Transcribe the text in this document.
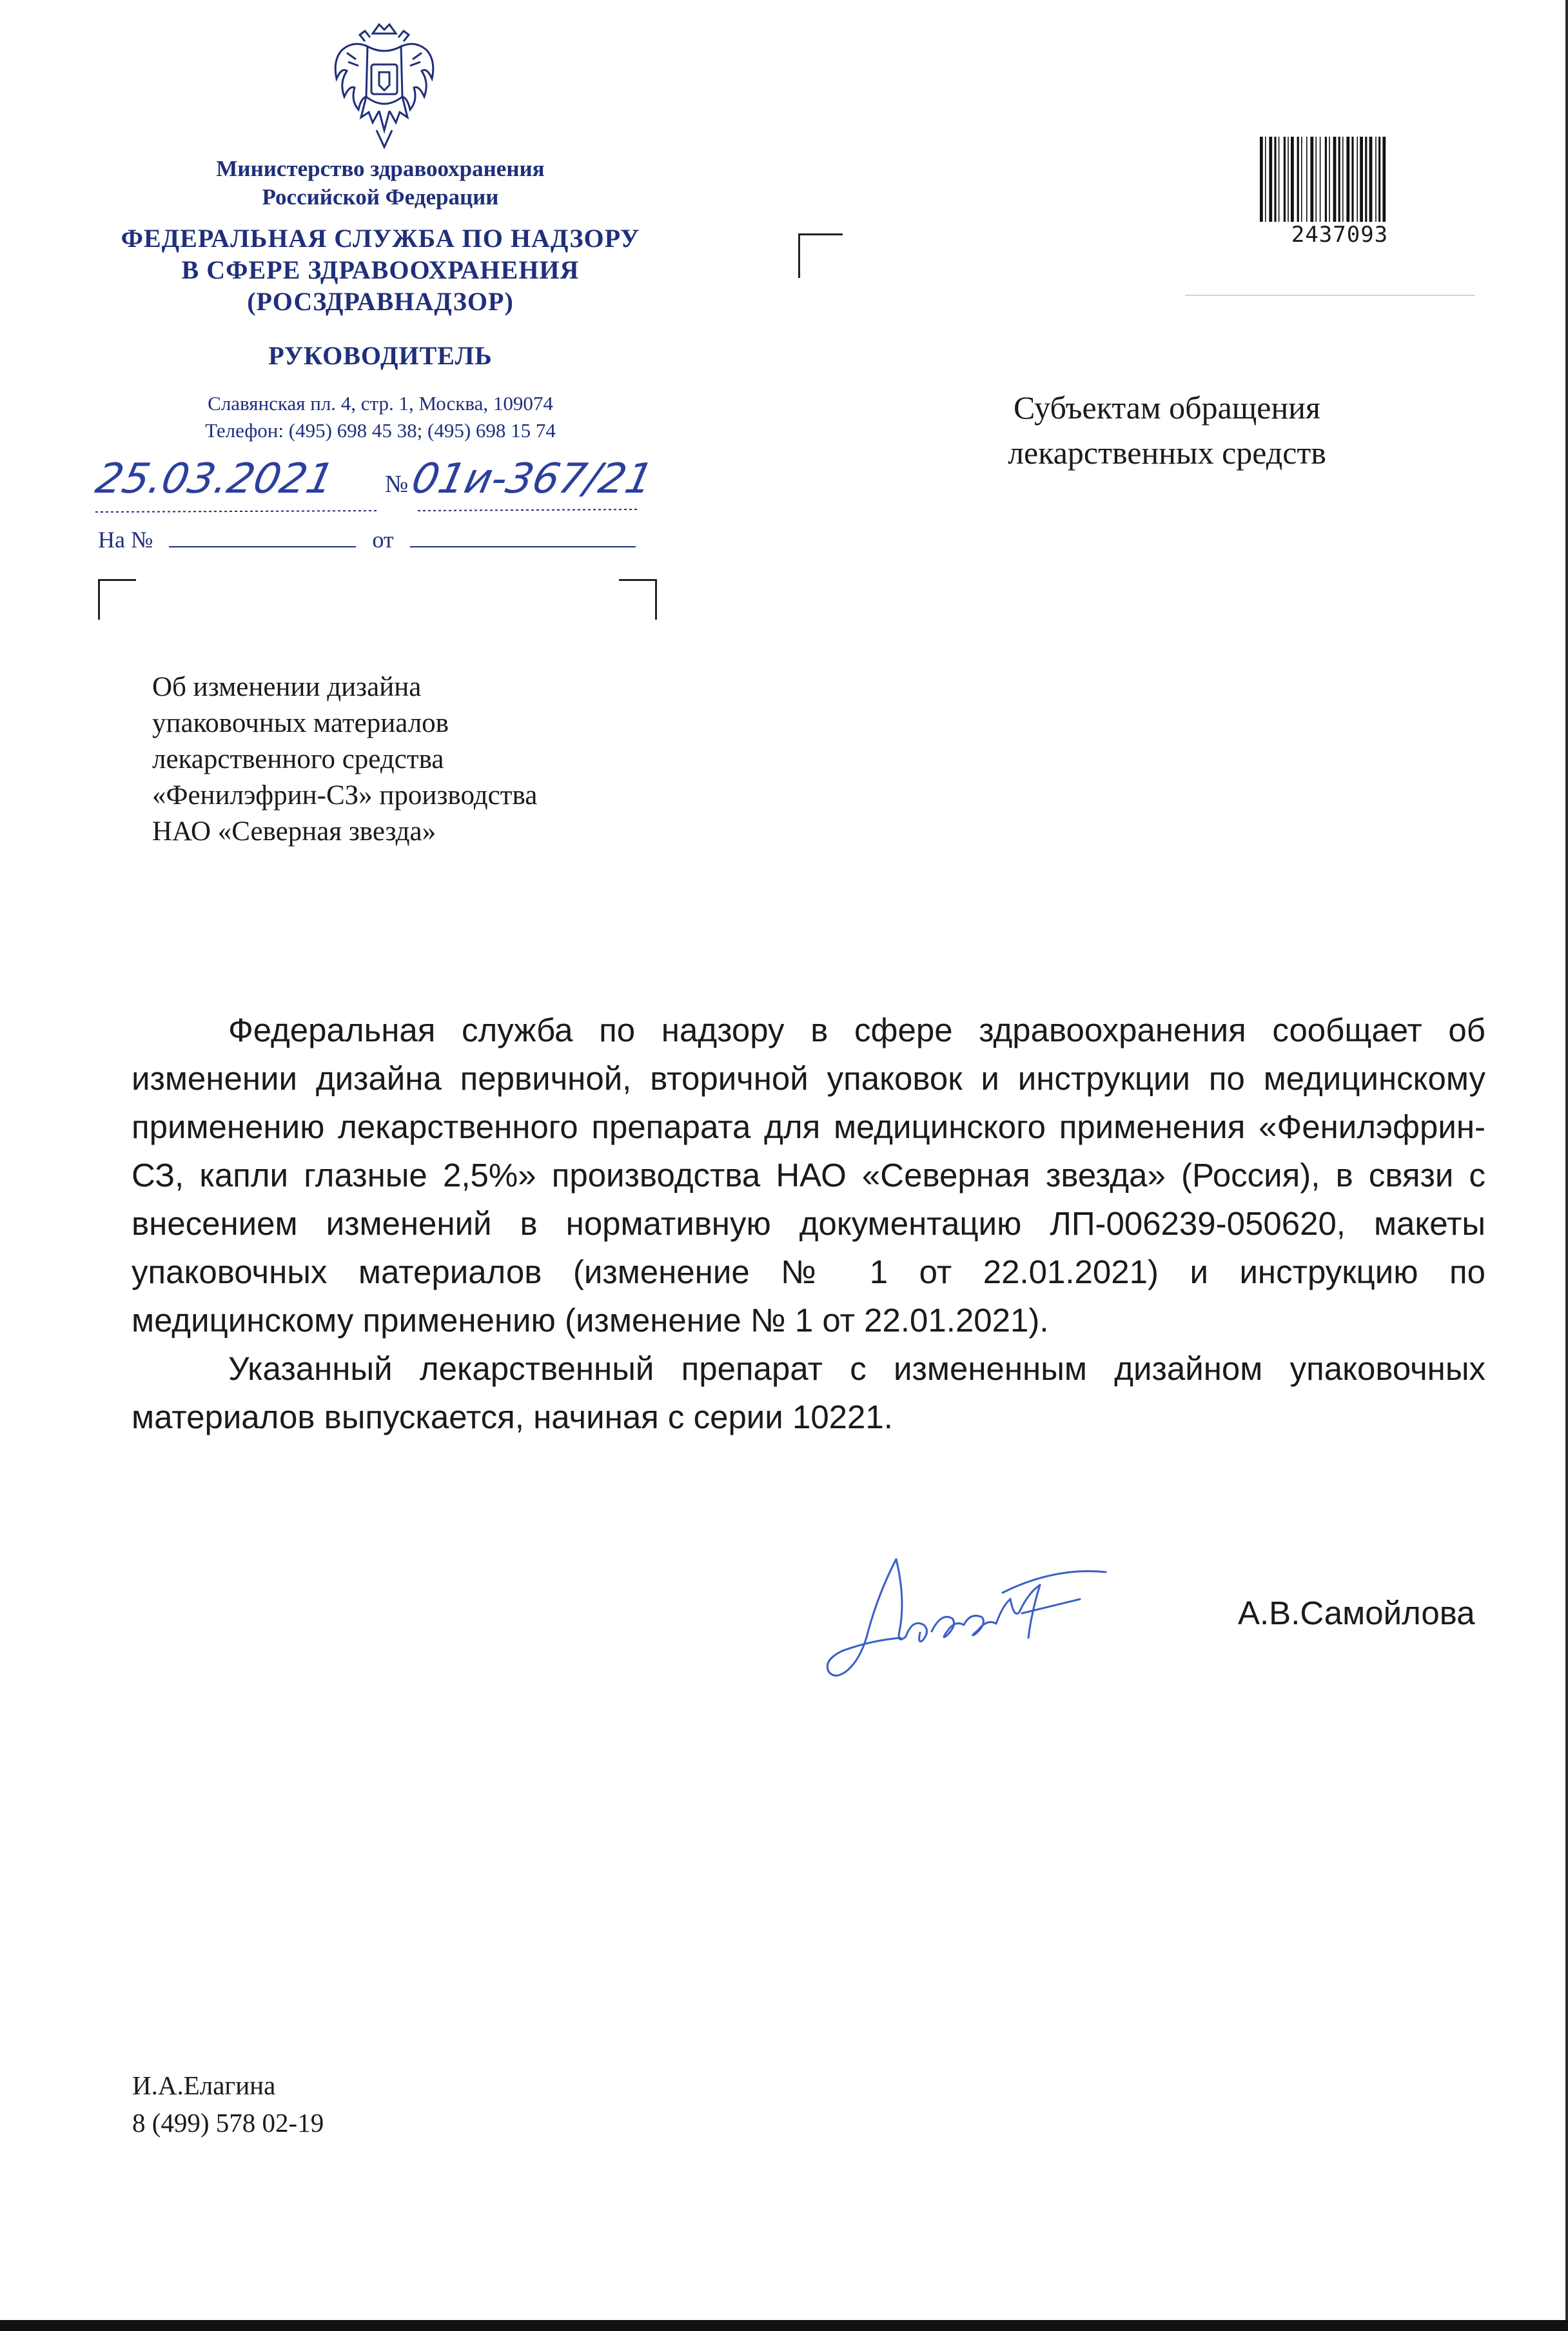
Министерство здравоохранения
Российской Федерации
ФЕДЕРАЛЬНАЯ СЛУЖБА ПО НАДЗОРУ
В СФЕРЕ ЗДРАВООХРАНЕНИЯ
(РОСЗДРАВНАДЗОР)
РУКОВОДИТЕЛЬ
Славянская пл. 4, стр. 1, Москва, 109074
Телефон: (495) 698 45 38; (495) 698 15 74
25.03.2021 №
01и-367/21
На №	от
2437093
Субъектам обращения
лекарственных средств
Об изменении дизайна
упаковочных материалов
лекарственного средства
«Фенилэфрин-СЗ» производства
НАО «Северная звезда»

Федеральная служба по надзору в сфере здравоохранения сообщает об изменении дизайна первичной, вторичной упаковок и инструкции по медицинскому применению лекарственного препарата для медицинского применения «Фенилэфрин-СЗ, капли глазные 2,5%» производства НАО «Северная звезда» (Россия), в связи с внесением изменений в нормативную документацию ЛП-006239-050620, макеты упаковочных материалов (изменение № 1 от 22.01.2021) и инструкцию по медицинскому применению (изменение № 1 от 22.01.2021).

Указанный лекарственный препарат с измененным дизайном упаковочных материалов выпускается, начиная с серии 10221.

А.В.Самойлова
И.А.Елагина
8 (499) 578 02-19
